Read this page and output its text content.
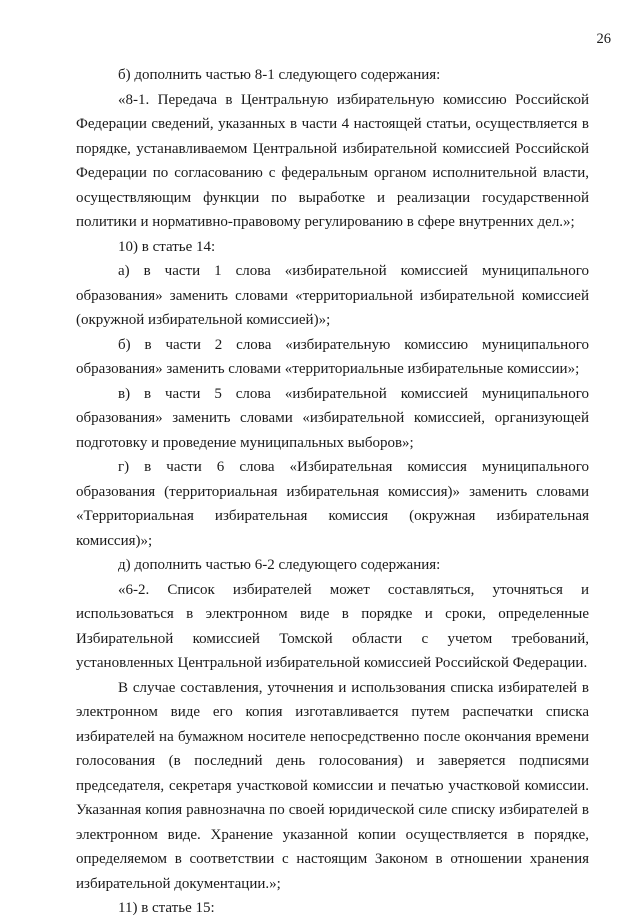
26

б) дополнить частью 8-1 следующего содержания:

«8-1. Передача в Центральную избирательную комиссию Российской Федерации сведений, указанных в части 4 настоящей статьи, осуществляется в порядке, устанавливаемом Центральной избирательной комиссией Российской Федерации по согласованию с федеральным органом исполнительной власти, осуществляющим функции по выработке и реализации государственной политики и нормативно-правовому регулированию в сфере внутренних дел.»;

10) в статье 14:

а) в части 1 слова «избирательной комиссией муниципального образования» заменить словами «территориальной избирательной комиссией (окружной избирательной комиссией)»;

б) в части 2 слова «избирательную комиссию муниципального образования» заменить словами «территориальные избирательные комиссии»;

в) в части 5 слова «избирательной комиссией муниципального образования» заменить словами «избирательной комиссией, организующей подготовку и проведение муниципальных выборов»;

г) в части 6 слова «Избирательная комиссия муниципального образования (территориальная избирательная комиссия)» заменить словами «Территориальная избирательная комиссия (окружная избирательная комиссия)»;

д) дополнить частью 6-2 следующего содержания:

«6-2. Список избирателей может составляться, уточняться и использоваться в электронном виде в порядке и сроки, определенные Избирательной комиссией Томской области с учетом требований, установленных Центральной избирательной комиссией Российской Федерации.

В случае составления, уточнения и использования списка избирателей в электронном виде его копия изготавливается путем распечатки списка избирателей на бумажном носителе непосредственно после окончания времени голосования (в последний день голосования) и заверяется подписями председателя, секретаря участковой комиссии и печатью участковой комиссии. Указанная копия равнозначна по своей юридической силе списку избирателей в электронном виде. Хранение указанной копии осуществляется в порядке, определяемом в соответствии с настоящим Законом в отношении хранения избирательной документации.»;

11) в статье 15:
